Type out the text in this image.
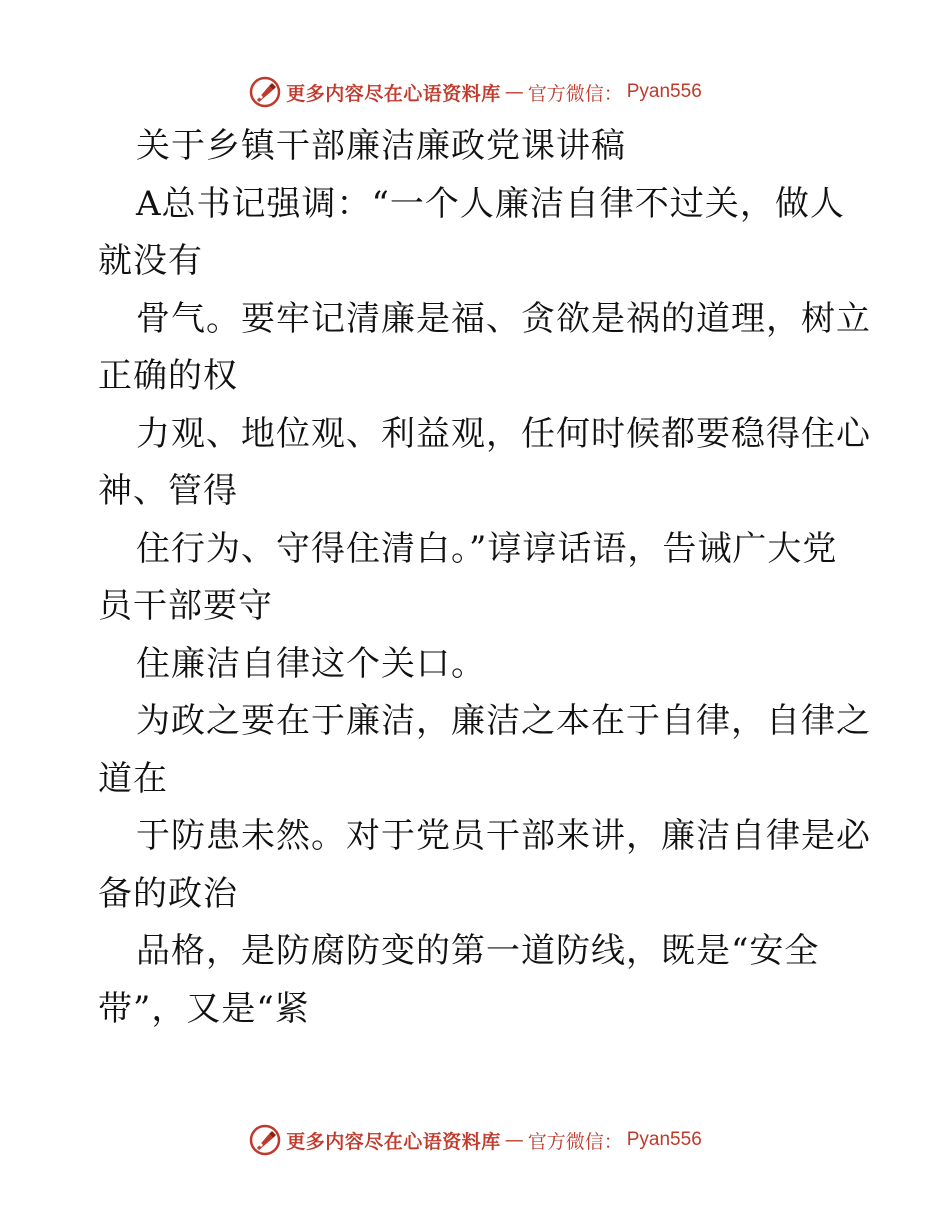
更多内容尽在心语资料库 — 官方微信： Pyan556
关于乡镇干部廉洁廉政党课讲稿
A总书记强调：“一个人廉洁自律不过关，做人
就没有
骨气。要牢记清廉是福、贪欲是祸的道理，树立
正确的权
力观、地位观、利益观，任何时候都要稳得住心
神、管得
住行为、守得住清白。”谆谆话语，告诫广大党
员干部要守
住廉洁自律这个关口。
为政之要在于廉洁，廉洁之本在于自律，自律之
道在
于防患未然。对于党员干部来讲，廉洁自律是必
备的政治
品格，是防腐防变的第一道防线，既是“安全
带”，又是“紧
更多内容尽在心语资料库 — 官方微信： Pyan556
